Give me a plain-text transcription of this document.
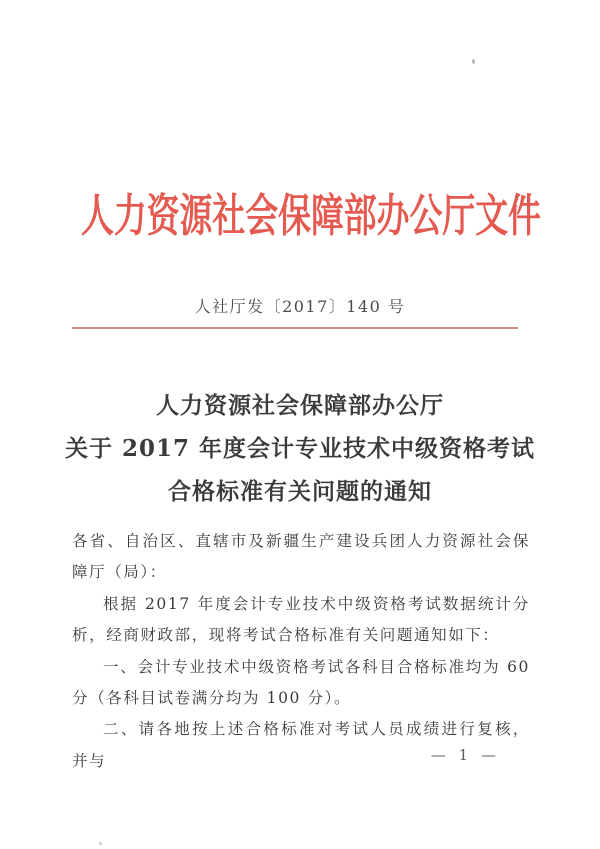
人力资源社会保障部办公厅文件
人社厅发〔2017〕140 号
人力资源社会保障部办公厅
关于 2017 年度会计专业技术中级资格考试
合格标准有关问题的通知

各省、自治区、直辖市及新疆生产建设兵团人力资源社会保障厅（局）：

根据 2017 年度会计专业技术中级资格考试数据统计分析，经商财政部，现将考试合格标准有关问题通知如下：

一、会计专业技术中级资格考试各科目合格标准均为 60 分（各科目试卷满分均为 100 分）。

二、请各地按上述合格标准对考试人员成绩进行复核，并与	— 1 —
